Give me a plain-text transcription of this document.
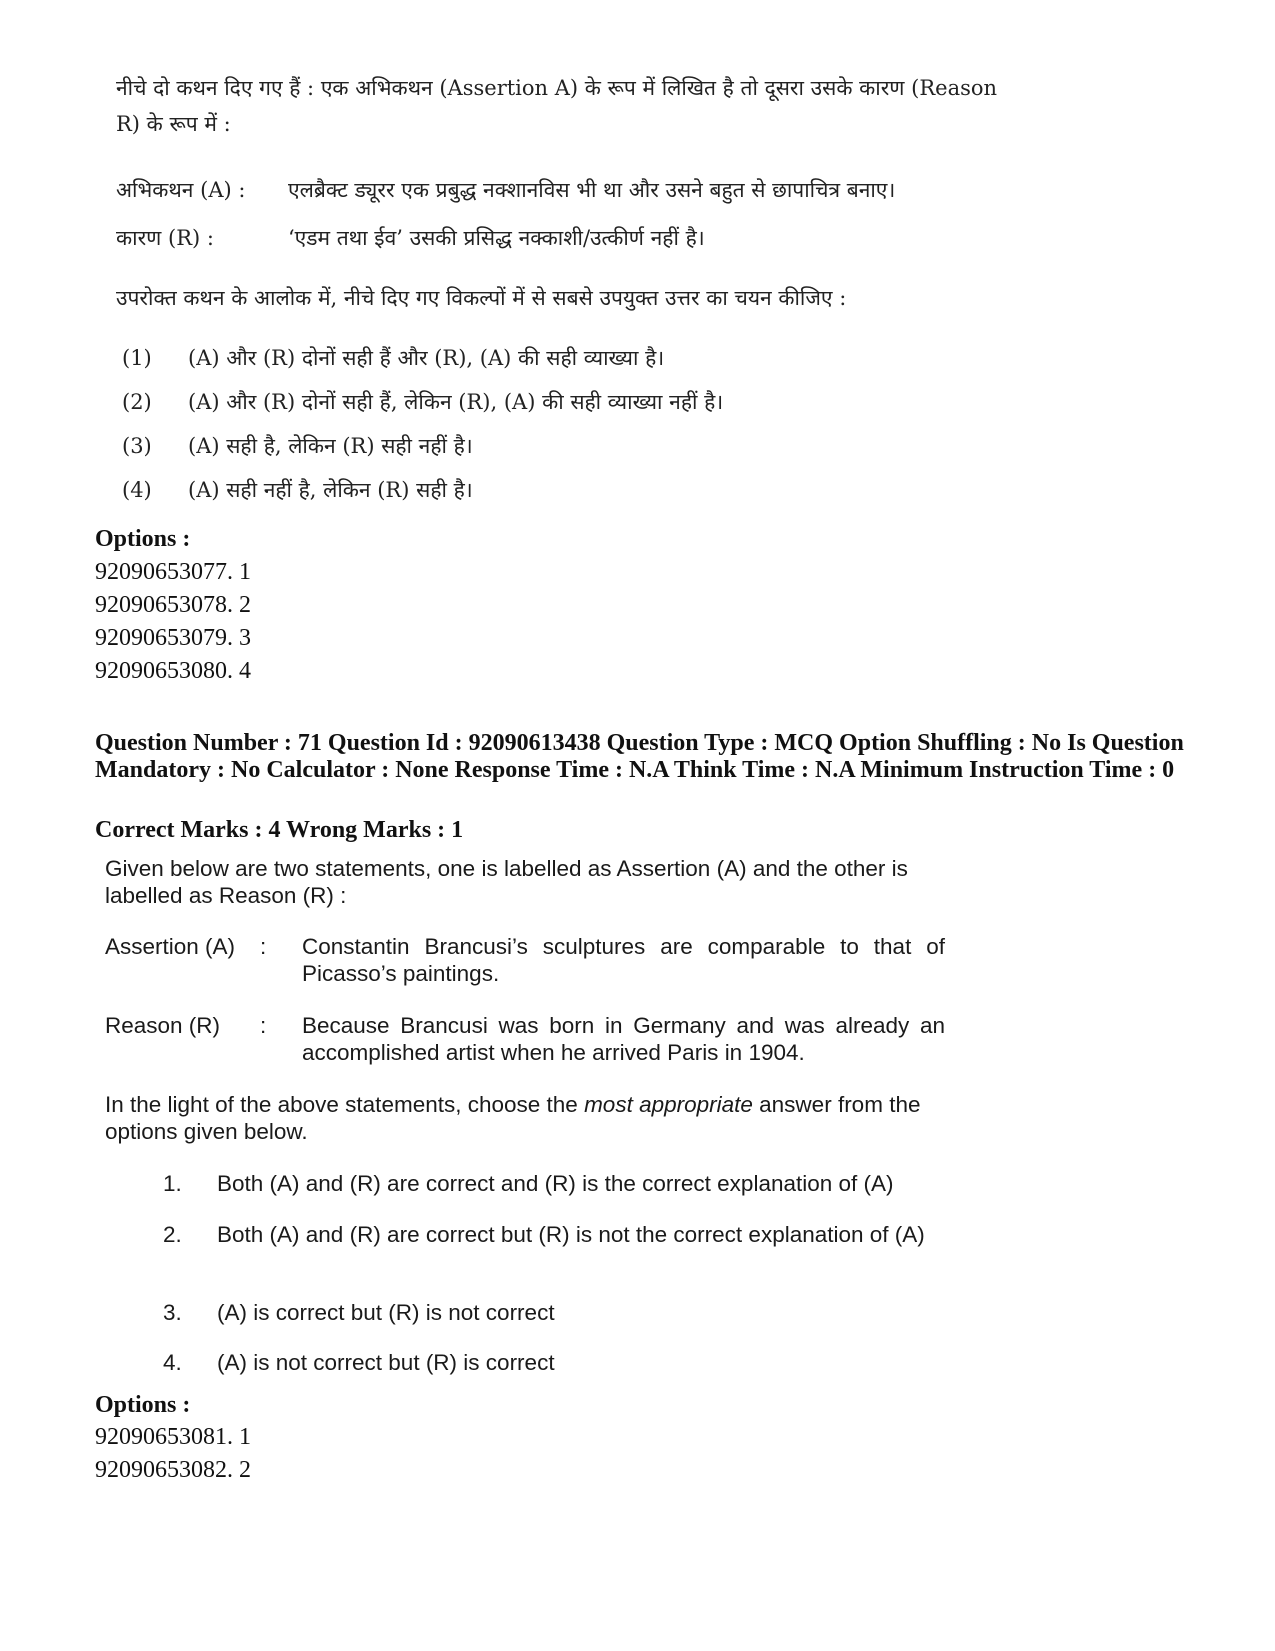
नीचे दो कथन दिए गए हैं : एक अभिकथन (Assertion A) के रूप में लिखित है तो दूसरा उसके कारण (Reason R) के रूप में :

अभिकथन (A) : एलब्रैक्ट ड्यूरर एक प्रबुद्ध नक्शानविस भी था और उसने बहुत से छापाचित्र बनाए।
कारण (R) :	‘एडम तथा ईव’ उसकी प्रसिद्ध नक्काशी/उत्कीर्ण नहीं है।
उपरोक्त कथन के आलोक में, नीचे दिए गए विकल्पों में से सबसे उपयुक्त उत्तर का चयन कीजिए :
(1) (A) और (R) दोनों सही हैं और (R), (A) की सही व्याख्या है।
(2) (A) और (R) दोनों सही हैं, लेकिन (R), (A) की सही व्याख्या नहीं है।
(3) (A) सही है, लेकिन (R) सही नहीं है।
(4) (A) सही नहीं है, लेकिन (R) सही है।
Options :
92090653077. 1
92090653078. 2
92090653079. 3
92090653080. 4
Question Number : 71 Question Id : 92090613438 Question Type : MCQ Option Shuffling : No Is Question Mandatory : No Calculator : None Response Time : N.A Think Time : N.A Minimum Instruction Time : 0
Correct Marks : 4 Wrong Marks : 1
Given below are two statements, one is labelled as Assertion (A) and the other is labelled as Reason (R) :
Assertion (A) : Constantin Brancusi’s sculptures are comparable to that of Picasso’s paintings.
Reason (R) : Because Brancusi was born in Germany and was already an accomplished artist when he arrived Paris in 1904.
In the light of the above statements, choose the most appropriate answer from the options given below.
1. Both (A) and (R) are correct and (R) is the correct explanation of (A)
2. Both (A) and (R) are correct but (R) is not the correct explanation of (A)
3. (A) is correct but (R) is not correct
4. (A) is not correct but (R) is correct
Options :
92090653081. 1
92090653082. 2
